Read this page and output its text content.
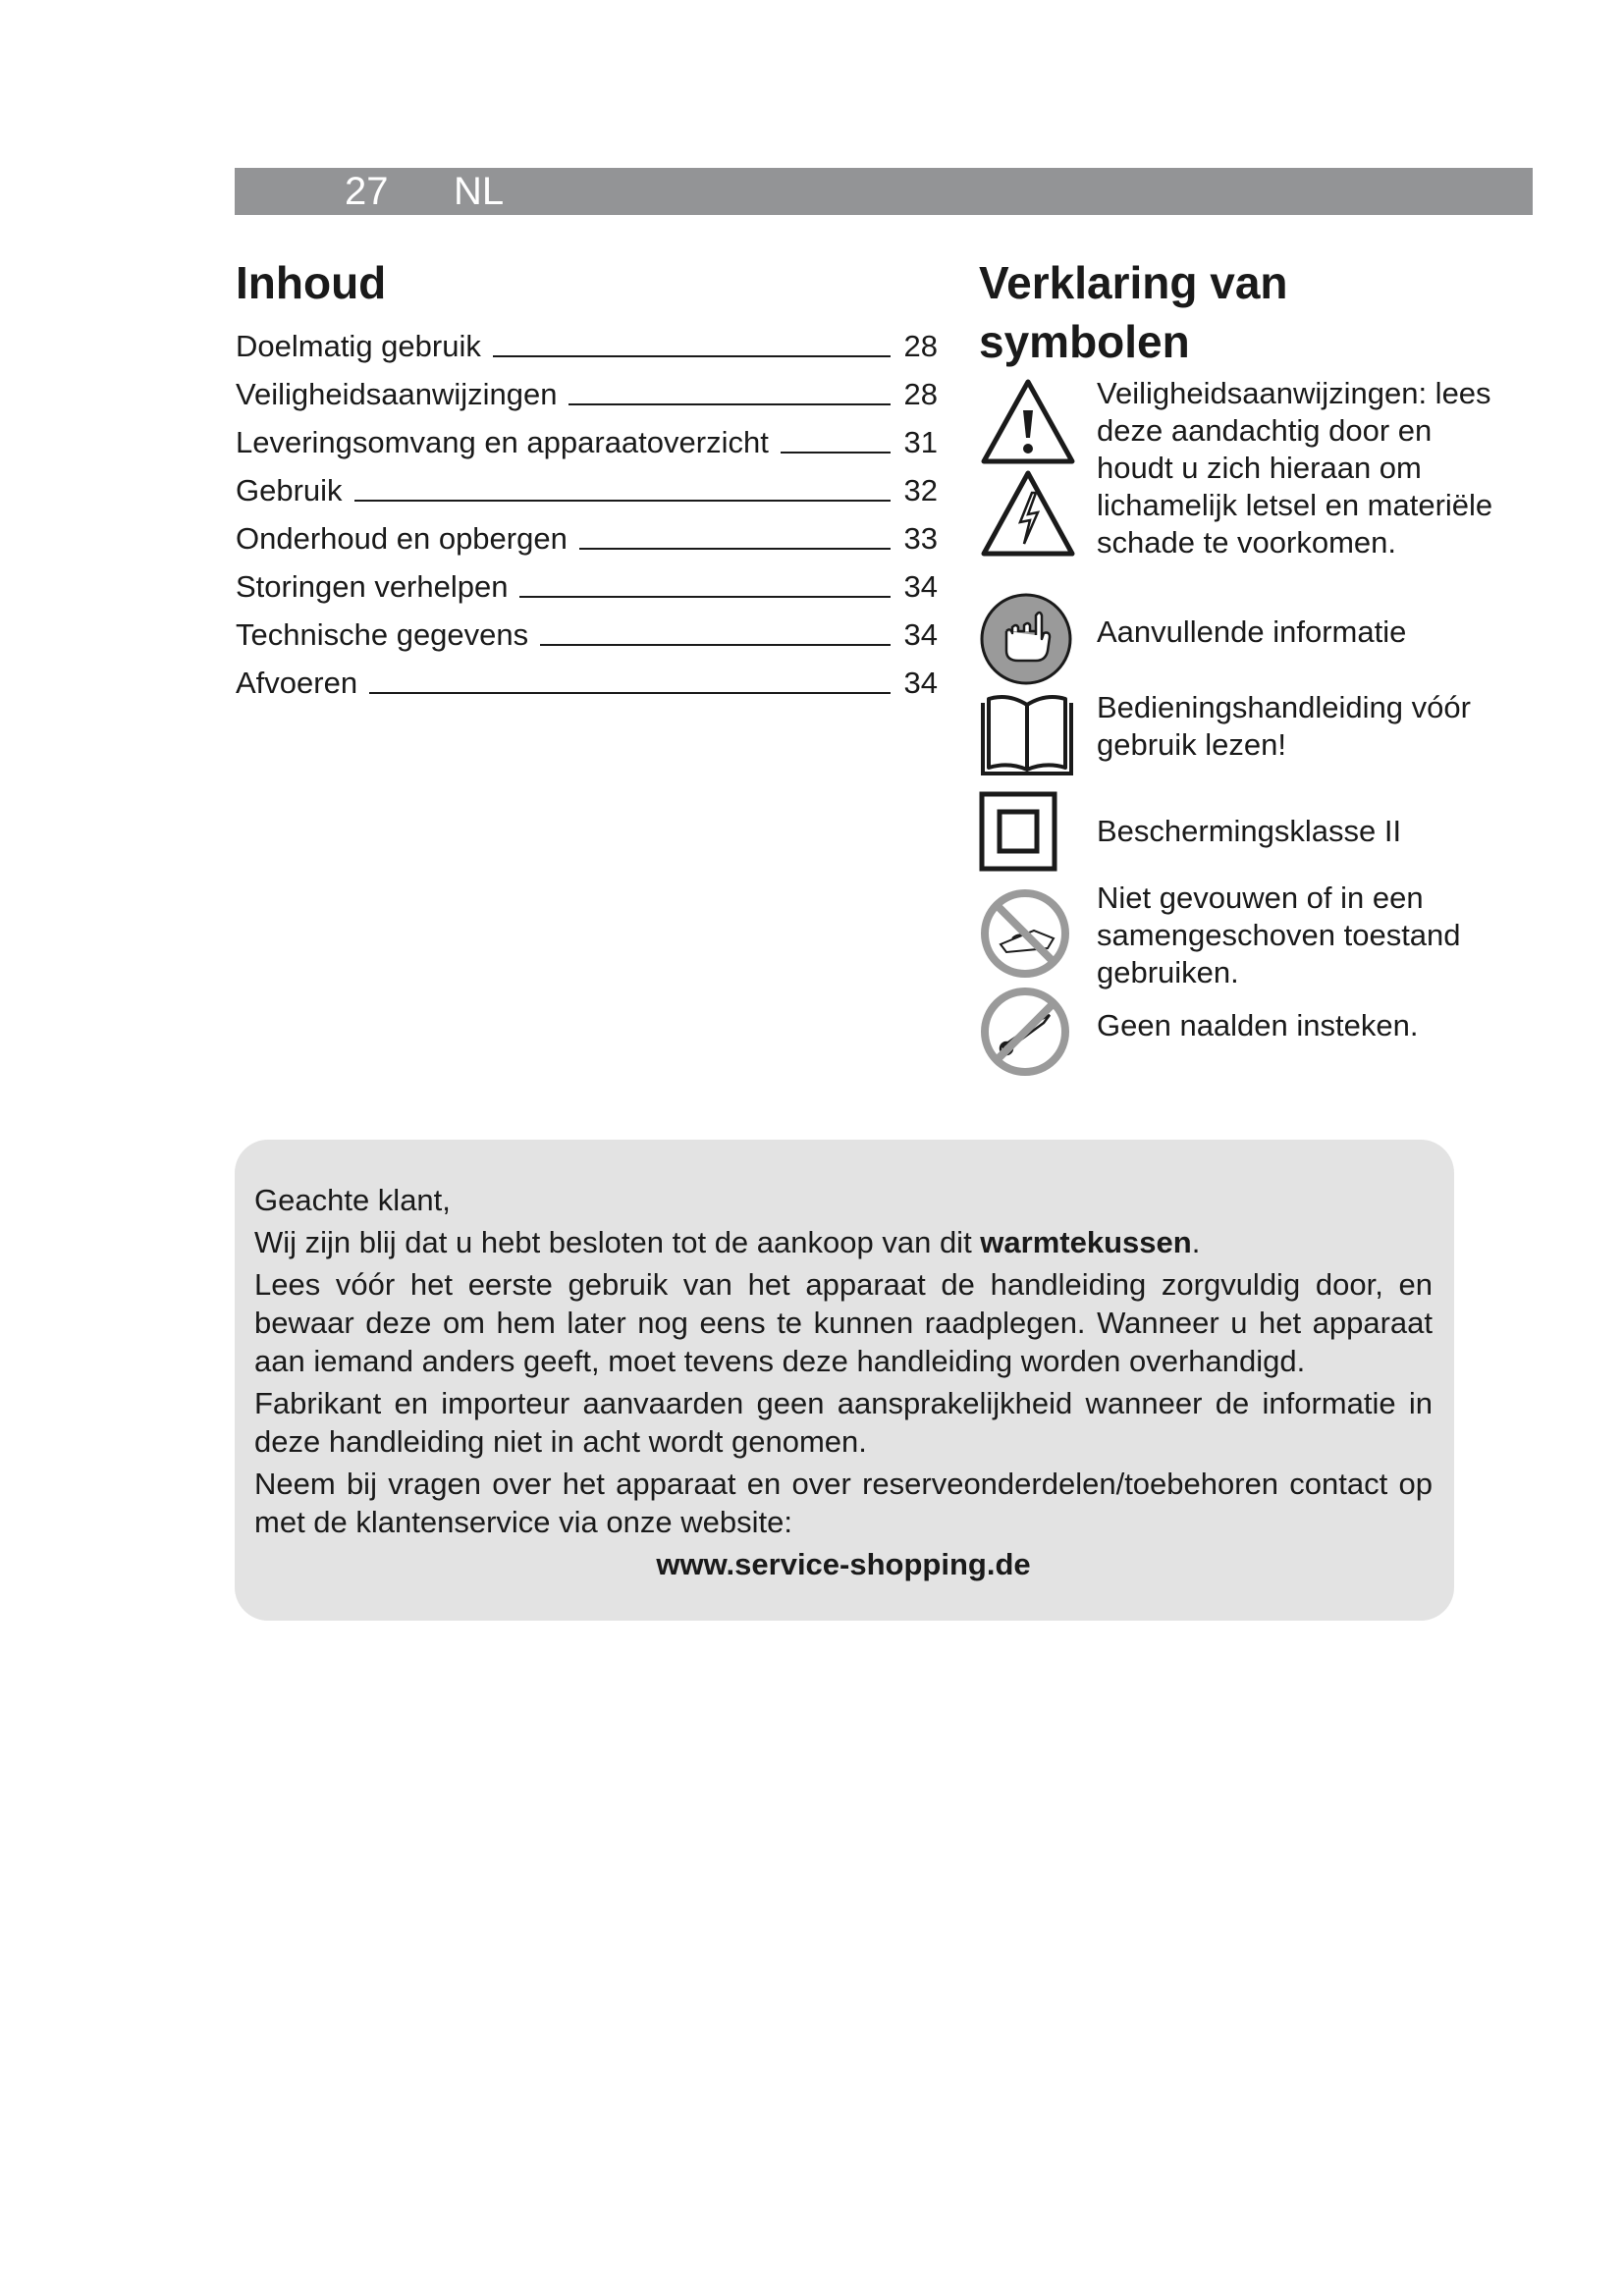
27 NL
Inhoud
Doelmatig gebruik	28
Veiligheidsaanwijzingen	28
Leveringsomvang en apparaatoverzicht	31
Gebruik	32
Onderhoud en opbergen	33
Storingen verhelpen	34
Technische gegevens	34
Afvoeren	34
Verklaring van
symbolen
Veiligheidsaanwijzingen: lees deze aandachtig door en houdt u zich hieraan om lichamelijk letsel en materiële schade te voorkomen.
Aanvullende informatie
Bedieningshandleiding vóór gebruik lezen!
Beschermingsklasse II
Niet gevouwen of in een samengeschoven toestand gebruiken.
Geen naalden insteken.

Geachte klant,

Wij zijn blij dat u hebt besloten tot de aankoop van dit warmtekussen.

Lees vóór het eerste gebruik van het apparaat de handleiding zorgvuldig door, en bewaar deze om hem later nog eens te kunnen raadplegen. Wanneer u het apparaat aan iemand anders geeft, moet tevens deze handleiding worden overhandigd.

Fabrikant en importeur aanvaarden geen aansprakelijkheid wanneer de informatie in deze handleiding niet in acht wordt genomen.

Neem bij vragen over het apparaat en over reserveonderdelen/toebehoren contact op met de klantenservice via onze website:

www.service-shopping.de
